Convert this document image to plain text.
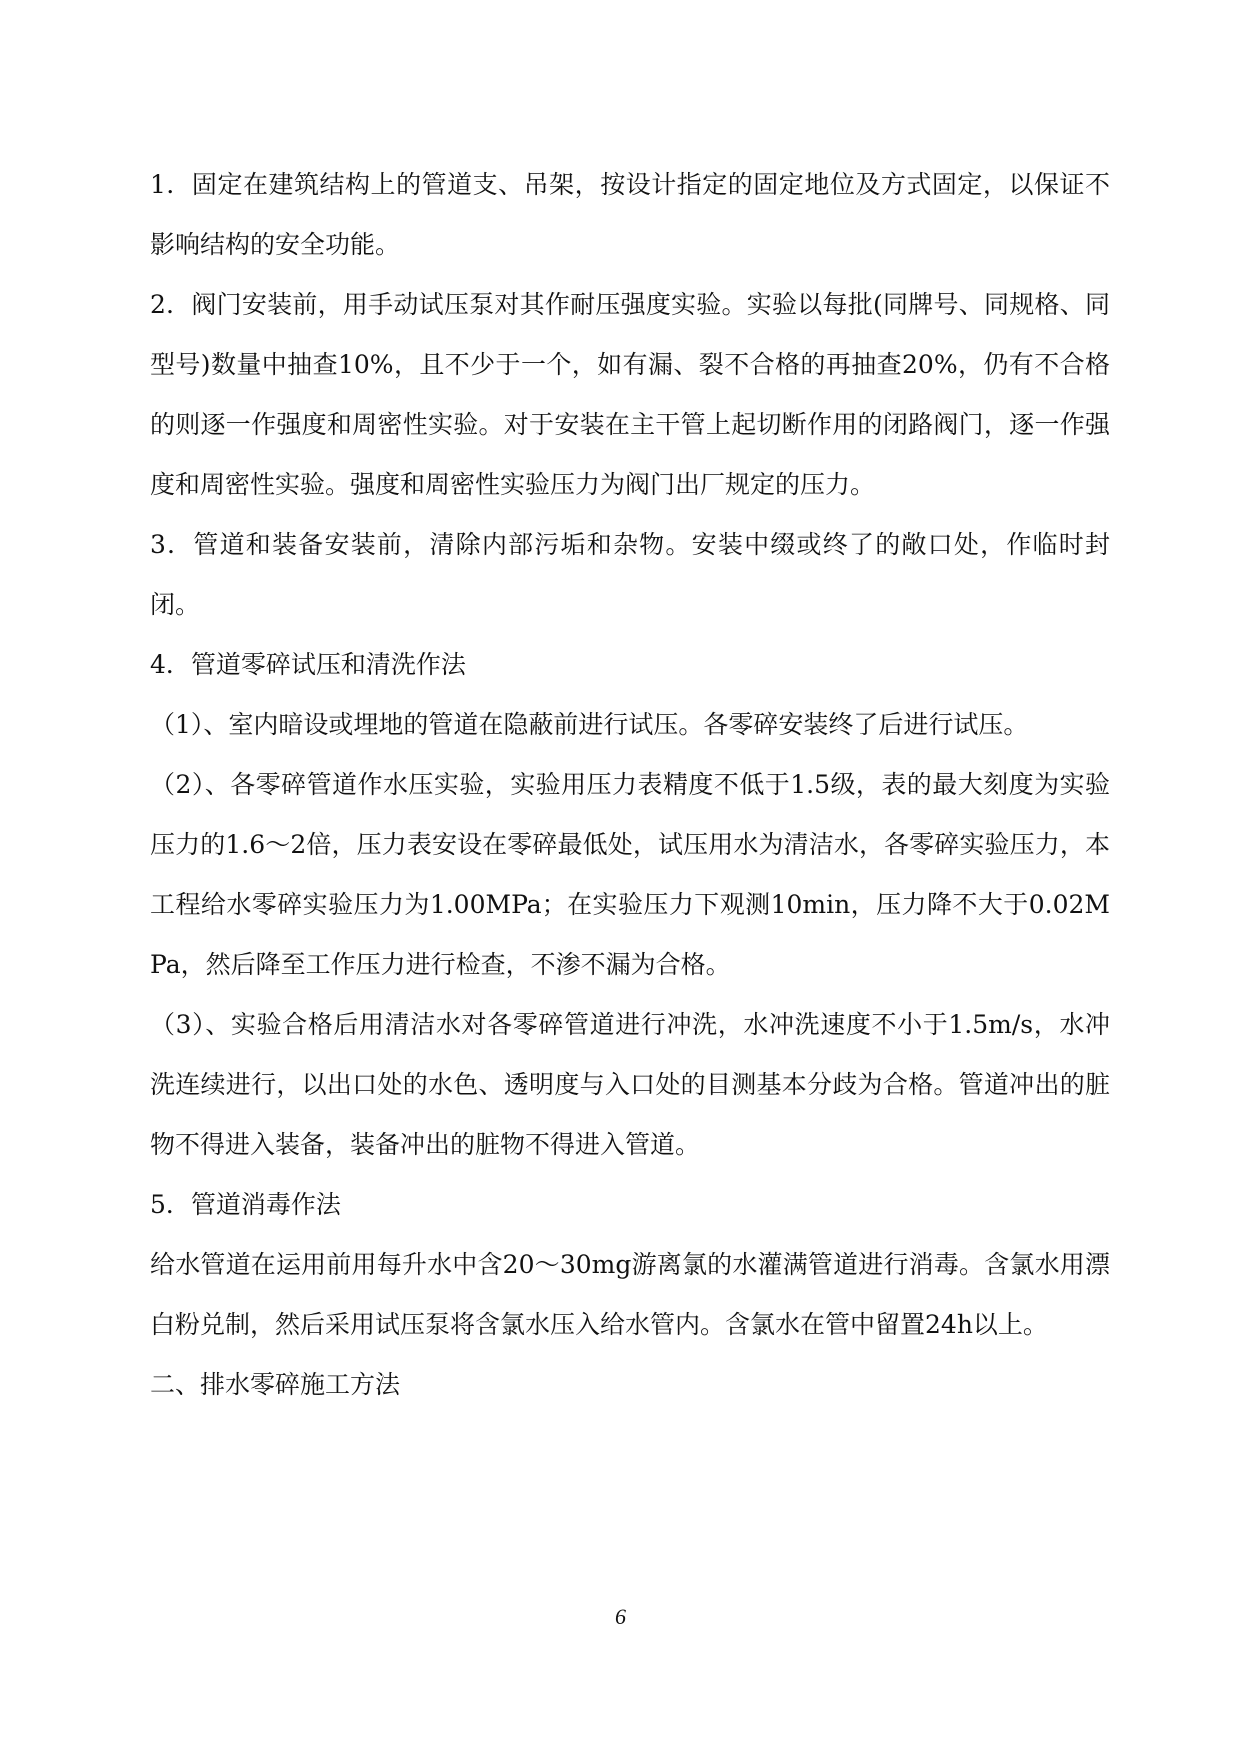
1．固定在建筑结构上的管道支、吊架，按设计指定的固定地位及方式固定，以保证不影响结构的安全功能。

2．阀门安装前，用手动试压泵对其作耐压强度实验。实验以每批(同牌号、同规格、同型号)数量中抽查10%，且不少于一个，如有漏、裂不合格的再抽查20%，仍有不合格的则逐一作强度和周密性实验。对于安装在主干管上起切断作用的闭路阀门，逐一作强度和周密性实验。强度和周密性实验压力为阀门出厂规定的压力。

3．管道和装备安装前，清除内部污垢和杂物。安装中缀或终了的敞口处，作临时封闭。

4．管道零碎试压和清洗作法

（1）、室内暗设或埋地的管道在隐蔽前进行试压。各零碎安装终了后进行试压。

（2）、各零碎管道作水压实验，实验用压力表精度不低于1.5级，表的最大刻度为实验压力的1.6～2倍，压力表安设在零碎最低处，试压用水为清洁水，各零碎实验压力，本工程给水零碎实验压力为1.00MPa；在实验压力下观测10min，压力降不大于0.02MPa，然后降至工作压力进行检查，不渗不漏为合格。

（3）、实验合格后用清洁水对各零碎管道进行冲洗，水冲洗速度不小于1.5m/s，水冲洗连续进行，以出口处的水色、透明度与入口处的目测基本分歧为合格。管道冲出的脏物不得进入装备，装备冲出的脏物不得进入管道。

5．管道消毒作法

给水管道在运用前用每升水中含20～30mg游离氯的水灌满管道进行消毒。含氯水用漂白粉兑制，然后采用试压泵将含氯水压入给水管内。含氯水在管中留置24h以上。

二、排水零碎施工方法

6
